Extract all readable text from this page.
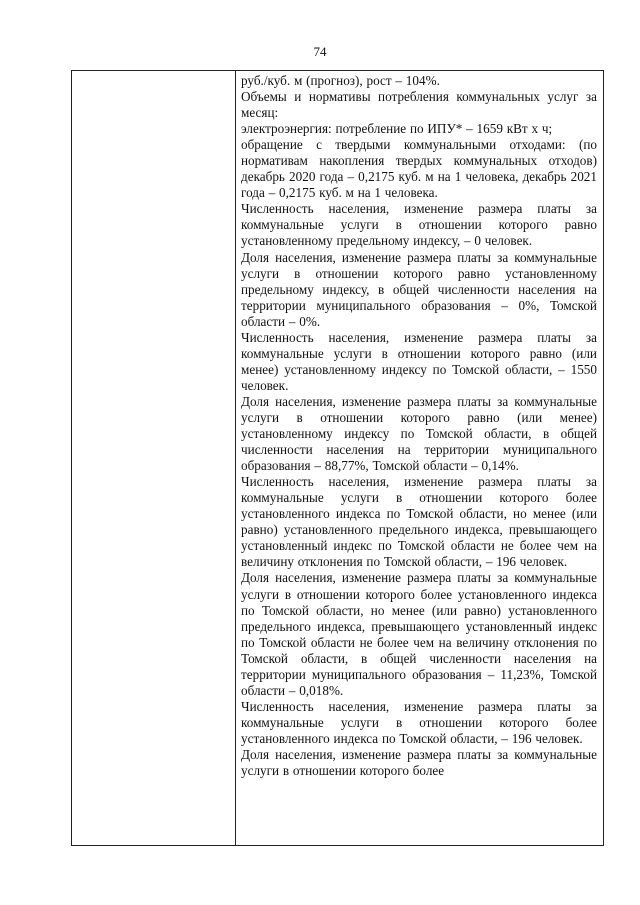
74

руб./куб. м (прогноз), рост – 104%.

Объемы и нормативы потребления коммунальных услуг за месяц:

электроэнергия: потребление по ИПУ* – 1659 кВт х ч;

обращение с твердыми коммунальными отходами: (по нормативам накопления твердых коммунальных отходов) декабрь 2020 года – 0,2175 куб. м на 1 человека, декабрь 2021 года – 0,2175 куб. м на 1 человека.

Численность населения, изменение размера платы за коммунальные услуги в отношении которого равно установленному предельному индексу, – 0 человек.

Доля населения, изменение размера платы за коммунальные услуги в отношении которого равно установленному предельному индексу, в общей численности населения на территории муниципального образования – 0%, Томской области – 0%.

Численность населения, изменение размера платы за коммунальные услуги в отношении которого равно (или менее) установленному индексу по Томской области, – 1550 человек.

Доля населения, изменение размера платы за коммунальные услуги в отношении которого равно (или менее) установленному индексу по Томской области, в общей численности населения на территории муниципального образования – 88,77%, Томской области – 0,14%.

Численность населения, изменение размера платы за коммунальные услуги в отношении которого более установленного индекса по Томской области, но менее (или равно) установленного предельного индекса, превышающего установленный индекс по Томской области не более чем на величину отклонения по Томской области, – 196 человек.

Доля населения, изменение размера платы за коммунальные услуги в отношении которого более установленного индекса по Томской области, но менее (или равно) установленного предельного индекса, превышающего установленный индекс по Томской области не более чем на величину отклонения по Томской области, в общей численности населения на территории муниципального образования – 11,23%, Томской области – 0,018%.

Численность населения, изменение размера платы за коммунальные услуги в отношении которого более установленного индекса по Томской области, – 196 человек.

Доля населения, изменение размера платы за коммунальные услуги в отношении которого более
